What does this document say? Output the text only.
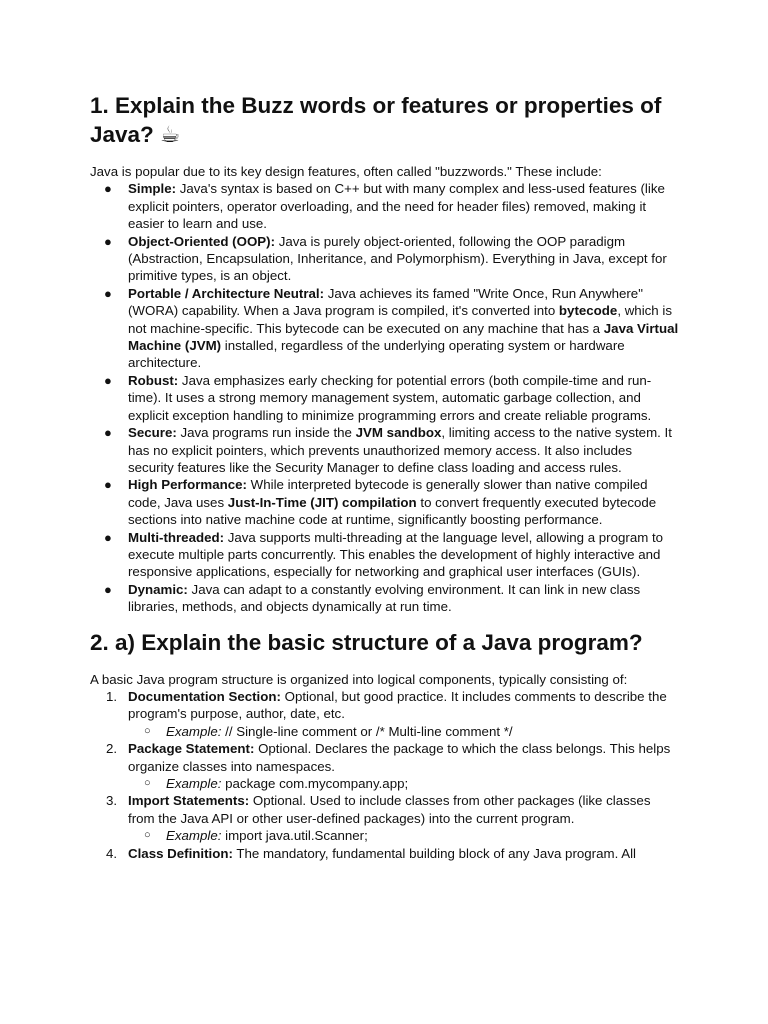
1. Explain the Buzz words or features or properties of Java? ☕

Java is popular due to its key design features, often called "buzzwords." These include:

●	Simple: Java's syntax is based on C++ but with many complex and less-used features (like explicit pointers, operator overloading, and the need for header files) removed, making it easier to learn and use.
●	Object-Oriented (OOP): Java is purely object-oriented, following the OOP paradigm (Abstraction, Encapsulation, Inheritance, and Polymorphism). Everything in Java, except for primitive types, is an object.
●	Portable / Architecture Neutral: Java achieves its famed "Write Once, Run Anywhere" (WORA) capability. When a Java program is compiled, it's converted into bytecode, which is not machine-specific. This bytecode can be executed on any machine that has a Java Virtual Machine (JVM) installed, regardless of the underlying operating system or hardware architecture.
●	Robust: Java emphasizes early checking for potential errors (both compile-time and run-time). It uses a strong memory management system, automatic garbage collection, and explicit exception handling to minimize programming errors and create reliable programs.
●	Secure: Java programs run inside the JVM sandbox, limiting access to the native system. It has no explicit pointers, which prevents unauthorized memory access. It also includes security features like the Security Manager to define class loading and access rules.
●	High Performance: While interpreted bytecode is generally slower than native compiled code, Java uses Just-In-Time (JIT) compilation to convert frequently executed bytecode sections into native machine code at runtime, significantly boosting performance.
●	Multi-threaded: Java supports multi-threading at the language level, allowing a program to execute multiple parts concurrently. This enables the development of highly interactive and responsive applications, especially for networking and graphical user interfaces (GUIs).
●	Dynamic: Java can adapt to a constantly evolving environment. It can link in new class libraries, methods, and objects dynamically at run time.
2. a) Explain the basic structure of a Java program?

A basic Java program structure is organized into logical components, typically consisting of:

1. Documentation Section: Optional, but good practice. It includes comments to describe the program's purpose, author, date, etc.
○ Example: // Single-line comment or /* Multi-line comment */
2. Package Statement: Optional. Declares the package to which the class belongs. This helps organize classes into namespaces.
○ Example: package com.mycompany.app;
3. Import Statements: Optional. Used to include classes from other packages (like classes from the Java API or other user-defined packages) into the current program.
○ Example: import java.util.Scanner;
4. Class Definition: The mandatory, fundamental building block of any Java program. All
